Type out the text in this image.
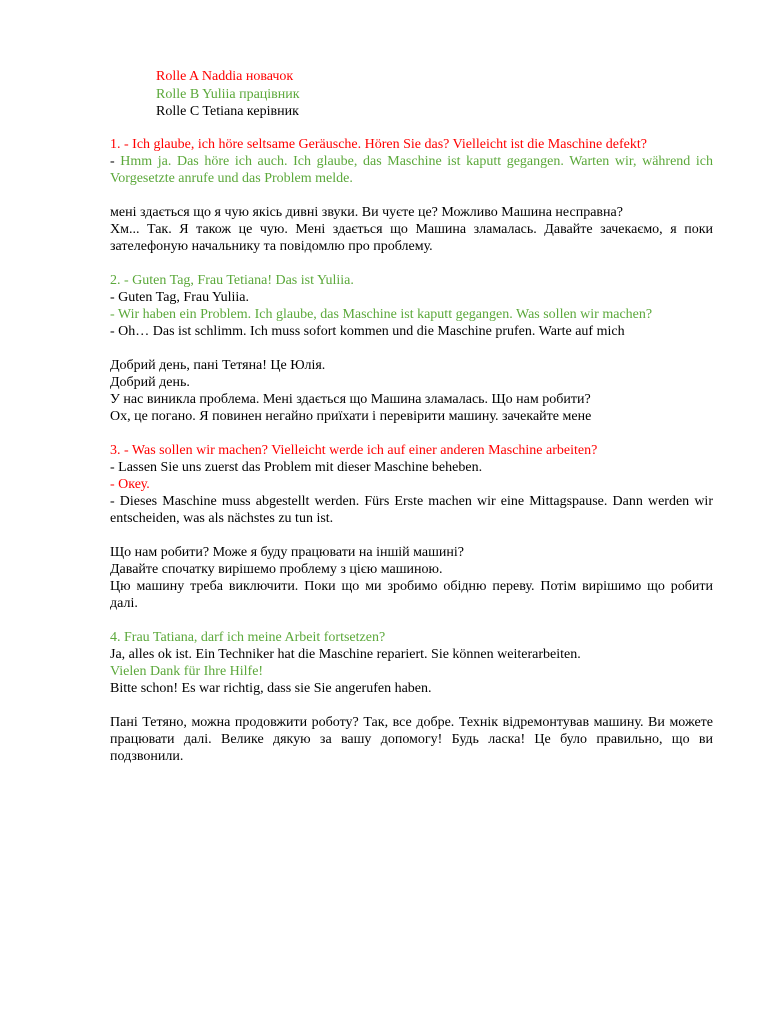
Rolle A Naddia новачок
Rolle B Yuliia працівник
Rolle C Tetiana керівник
1. - Ich glaube, ich höre seltsame Geräusche. Hören Sie das? Vielleicht ist die Maschine defekt?
- Hmm ja. Das höre ich auch. Ich glaube, das Maschine ist kaputt gegangen. Warten wir, während ich Vorgesetzte anrufe und das Problem melde.
мені здається що я чую якісь дивні звуки. Ви чуєте це? Можливо Машина несправна?
Хм... Так. Я також це чую. Мені здається що Машина зламалась. Давайте зачекаємо, я поки зателефоную начальнику та повідомлю про проблему.
2. - Guten Tag, Frau Tetiana! Das ist Yuliia.
- Guten Tag, Frau Yuliia.
- Wir haben ein Problem. Ich glaube, das Maschine ist kaputt gegangen. Was sollen wir machen?
- Oh… Das ist schlimm. Ich muss sofort kommen und die Maschine prufen. Warte auf mich
Добрий день, пані Тетяна! Це Юлія.
Добрий день.
У нас виникла проблема. Мені здається що Машина зламалась. Що нам робити?
Ох, це погано. Я повинен негайно приїхати і перевірити машину. зачекайте мене
3. - Was sollen wir machen? Vielleicht werde ich auf einer anderen Maschine arbeiten?
- Lassen Sie uns zuerst das Problem mit dieser Maschine beheben.
- Океу.
- Dieses Maschine muss abgestellt werden. Fürs Erste machen wir eine Mittagspause. Dann werden wir entscheiden, was als nächstes zu tun ist.
Що нам робити? Може я буду працювати на іншій машині?
Давайте спочатку вирішемо проблему з цією машиною.
Цю машину треба виключити. Поки що ми зробимо обідню переву. Потім вирішимо що робити далі.
4. Frau Tatiana, darf ich meine Arbeit fortsetzen?
Ja, alles ok ist. Ein Techniker hat die Maschine repariert. Sie können weiterarbeiten.
Vielen Dank für Ihre Hilfe!
Bitte schon! Es war richtig, dass sie Sie angerufen haben.
Пані Тетяно, можна продовжити роботу? Так, все добре. Технік відремонтував машину. Ви можете працювати далі. Велике дякую за вашу допомогу! Будь ласка! Це було правильно, що ви подзвонили.
